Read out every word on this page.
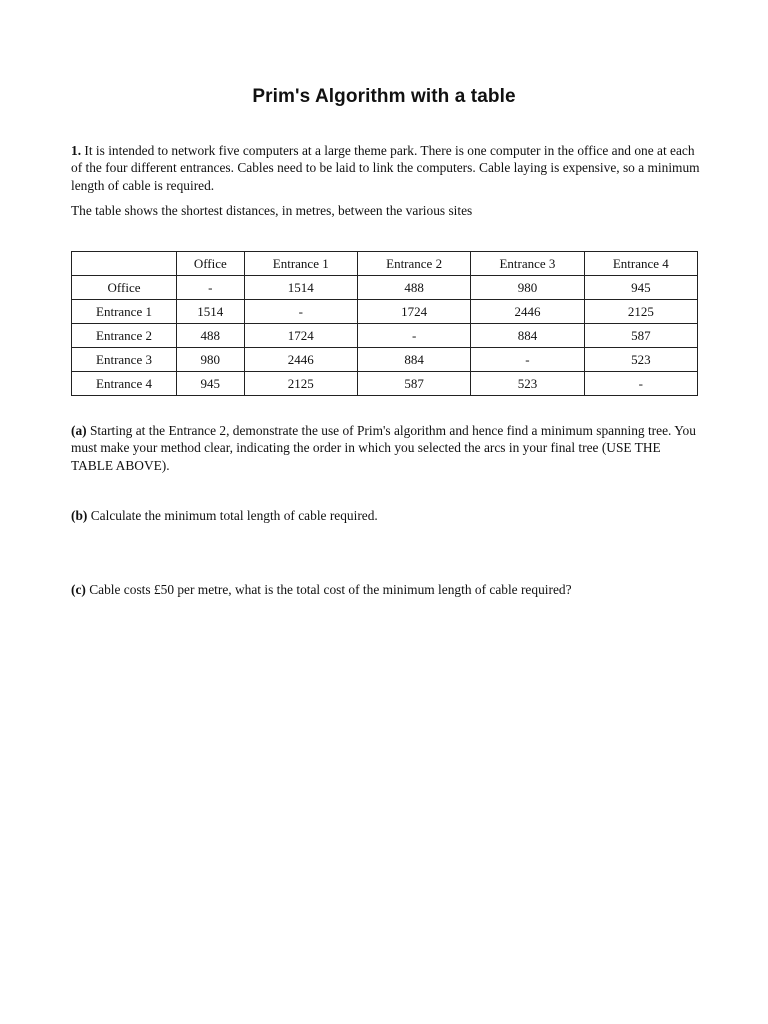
Prim's Algorithm with a table
1. It is intended to network five computers at a large theme park. There is one computer in the office and one at each of the four different entrances. Cables need to be laid to link the computers. Cable laying is expensive, so a minimum length of cable is required.
The table shows the shortest distances, in metres, between the various sites
	Office	Entrance 1	Entrance 2	Entrance 3	Entrance 4
Office	-	1514	488	980	945
Entrance 1	1514	-	1724	2446	2125
Entrance 2	488	1724	-	884	587
Entrance 3	980	2446	884	-	523
Entrance 4	945	2125	587	523	-
(a) Starting at the Entrance 2, demonstrate the use of Prim's algorithm and hence find a minimum spanning tree. You must make your method clear, indicating the order in which you selected the arcs in your final tree (USE THE TABLE ABOVE).
(b) Calculate the minimum total length of cable required.
(c) Cable costs £50 per metre, what is the total cost of the minimum length of cable required?
